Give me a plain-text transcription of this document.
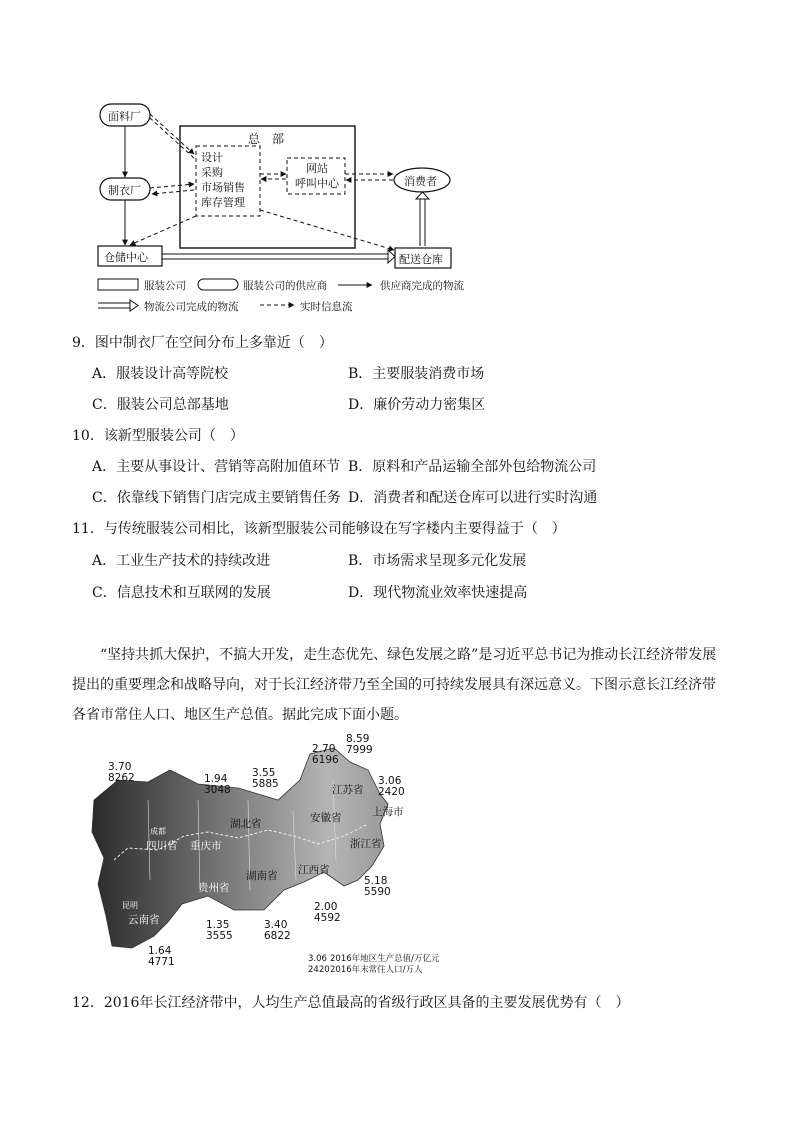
总　部
面料厂
制衣厂
仓储中心	配送仓库
消费者
设计
采购
市场销售
库存管理
网站
呼叫中心
服装公司	服装公司的供应商	供应商完成的物流
物流公司完成的物流	实时信息流
9．图中制衣厂在空间分布上多靠近（　）
A．服装设计高等院校	B．主要服装消费市场
C．服装公司总部基地	D．廉价劳动力密集区
10．该新型服装公司（　）
A．主要从事设计、营销等高附加值环节 B．原料和产品运输全部外包给物流公司
C．依靠线下销售门店完成主要销售任务 D．消费者和配送仓库可以进行实时沟通
11．与传统服装公司相比，该新型服装公司能够设在写字楼内主要得益于（　）
A．工业生产技术的持续改进	B．市场需求呈现多元化发展
C．信息技术和互联网的发展	D．现代物流业效率快速提高
“坚持共抓大保护，不搞大开发，走生态优先、绿色发展之路”是习近平总书记为推动长江经济带发展
提出的重要理念和战略导向，对于长江经济带乃至全国的可持续发展具有深远意义。下图示意长江经济带
各省市常住人口、地区生产总值。据此完成下面小题。
云南省
四川省 重庆市
贵州省
湖北省
湖南省 江西省
安徽省
江苏省
浙江省
上海市
成都
昆明
3.70
8262	1.94
3048
3.55
5885
2.70
6196
8.59
7999
3.06
2420
5.18
5590
2.00
4592
3.40
6822
1.35
3555
1.64
4771	3.06 2016年地区生产总值/万亿元
24202016年末常住人口/万人
12．2016年长江经济带中，人均生产总值最高的省级行政区具备的主要发展优势有（　）
